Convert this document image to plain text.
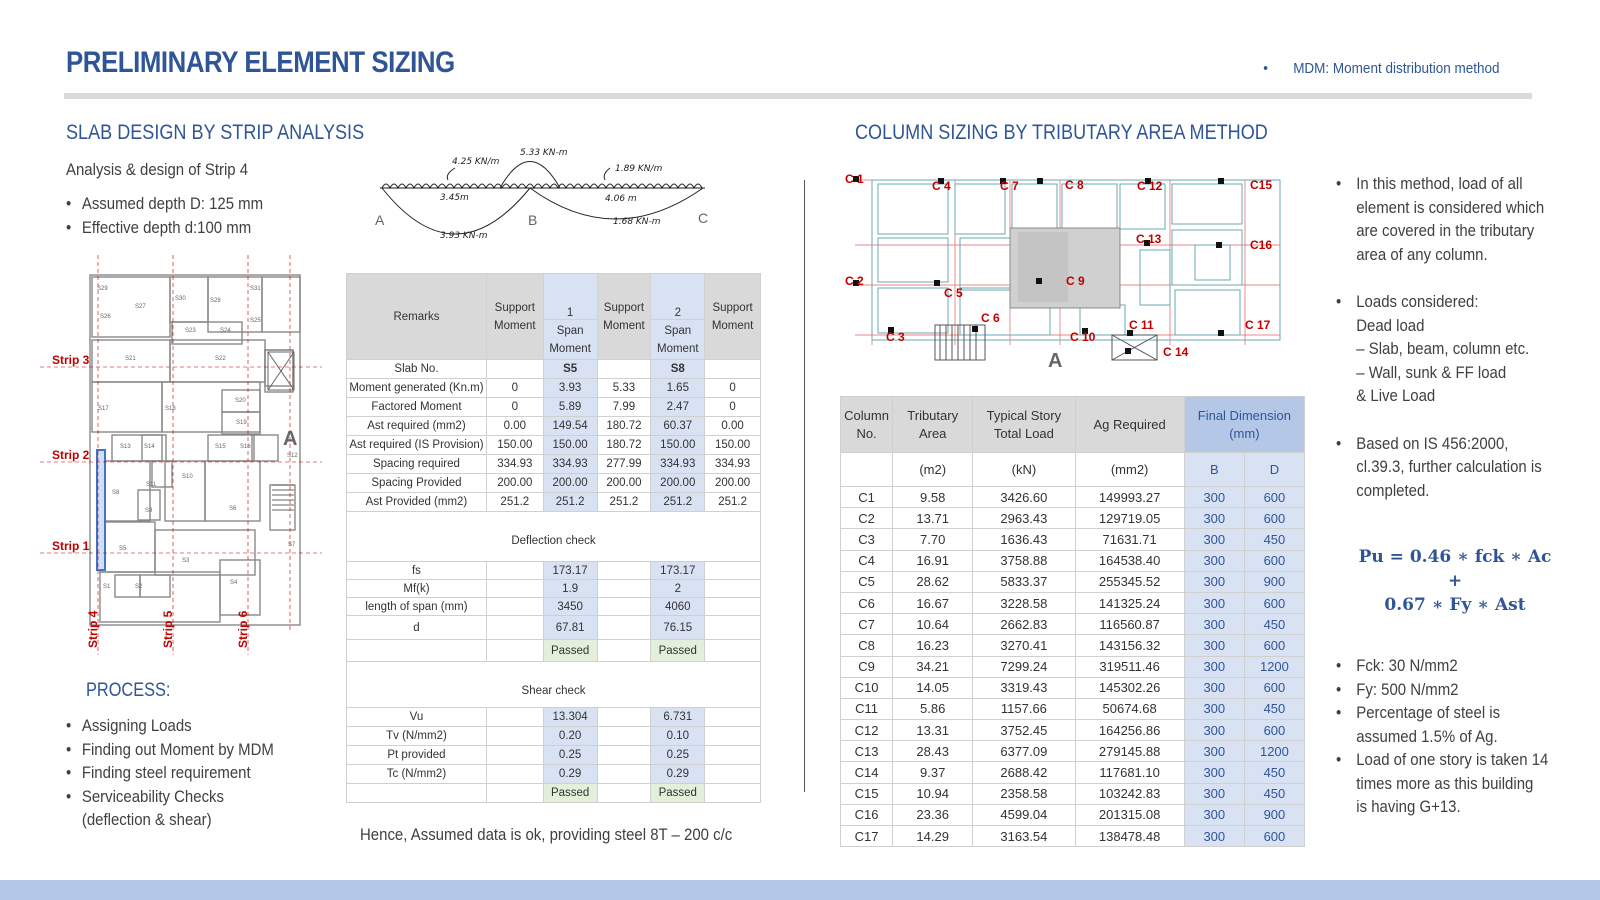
PRELIMINARY ELEMENT SIZING	• MDM: Moment distribution method
SLAB DESIGN BY STRIP ANALYSIS
Analysis & design of Strip 4
• Assumed depth D: 125 mm
• Effective depth d:100 mm
4.25 KN/m
5.33 KN-m
1.89 KN/m
3.45m	4.06 m
3.93 KN-m
1.68 KN-m
A	B	C
S29
S27
S30	S28
S31
S26
S23	S24
S25
S21	S22
S17	S18
S20
S19
S13 S14	S15 S16
S12
S11
S10
S8
S9	S6
S7
S5
S3
S1	S2
S4
Strip 3
Strip 2
Strip 1
Strip 4	Strip 5	Strip 6
A
PROCESS:
• Assigning Loads
• Finding out Moment by MDM
• Finding steel requirement
• Serviceability Checks
• (deflection & shear)
Remarks	Support Moment	1	Support Moment	2	Support Moment
		Span Moment		Span Moment	
Slab No.		S5		S8	
Moment generated (Kn.m)	0	3.93	5.33	1.65	0
Factored Moment	0	5.89	7.99	2.47	0
Ast required (mm2)	0.00	149.54	180.72	60.37	0.00
Ast required (IS Provision)	150.00	150.00	180.72	150.00	150.00
Spacing required	334.93	334.93	277.99	334.93	334.93
Spacing Provided	200.00	200.00	200.00	200.00	200.00
Ast Provided (mm2)	251.2	251.2	251.2	251.2	251.2

Deflection check					

fs		173.17		173.17	
Mf(k)		1.9		2	
length of span (mm)		3450		4060	
d		67.81		76.15	
		Passed		Passed	

Shear check					

Vu		13.304		6.731	
Tv (N/mm2)		0.20		0.10	
Pt provided		0.25		0.25	
Tc (N/mm2)		0.29		0.29	
		Passed		Passed	
Hence, Assumed data is ok, providing steel 8T – 200 c/c
COLUMN SIZING BY TRIBUTARY AREA METHOD
C 1	C 4	C 7	C 8	C 12	C15
C 13	C16
C 2
C 5
C 9
C 6
C 3	C 10
C 11
C 14
C 17
A
Column No.	Tributary Area	Typical Story Total Load	Ag Required	Final Dimension (mm)	
	(m2)	(kN)	(mm2)	B	D
C1	9.58	3426.60	149993.27	300	600
C2	13.71	2963.43	129719.05	300	600
C3	7.70	1636.43	71631.71	300	450
C4	16.91	3758.88	164538.40	300	600
C5	28.62	5833.37	255345.52	300	900
C6	16.67	3228.58	141325.24	300	600
C7	10.64	2662.83	116560.87	300	450
C8	16.23	3270.41	143156.32	300	600
C9	34.21	7299.24	319511.46	300	1200
C10	14.05	3319.43	145302.26	300	600
C11	5.86	1157.66	50674.68	300	450
C12	13.31	3752.45	164256.86	300	600
C13	28.43	6377.09	279145.88	300	1200
C14	9.37	2688.42	117681.10	300	450
C15	10.94	2358.58	103242.83	300	450
C16	23.36	4599.04	201315.08	300	900
C17	14.29	3163.54	138478.48	300	600
• In this method, load of all
element is considered which
are covered in the tributary
area of any column.
• Loads considered:
Dead load
– Slab, beam, column etc.
– Wall, sunk & FF load
& Live Load
• Based on IS 456:2000,
cl.39.3, further calculation is
completed.
Pu = 0.46 ∗ fck ∗ Ac
+
0.67 ∗ Fy ∗ Ast
• Fck: 30 N/mm2
• Fy: 500 N/mm2
• Percentage of steel is
assumed 1.5% of Ag.
• Load of one story is taken 14
times more as this building
is having G+13.
